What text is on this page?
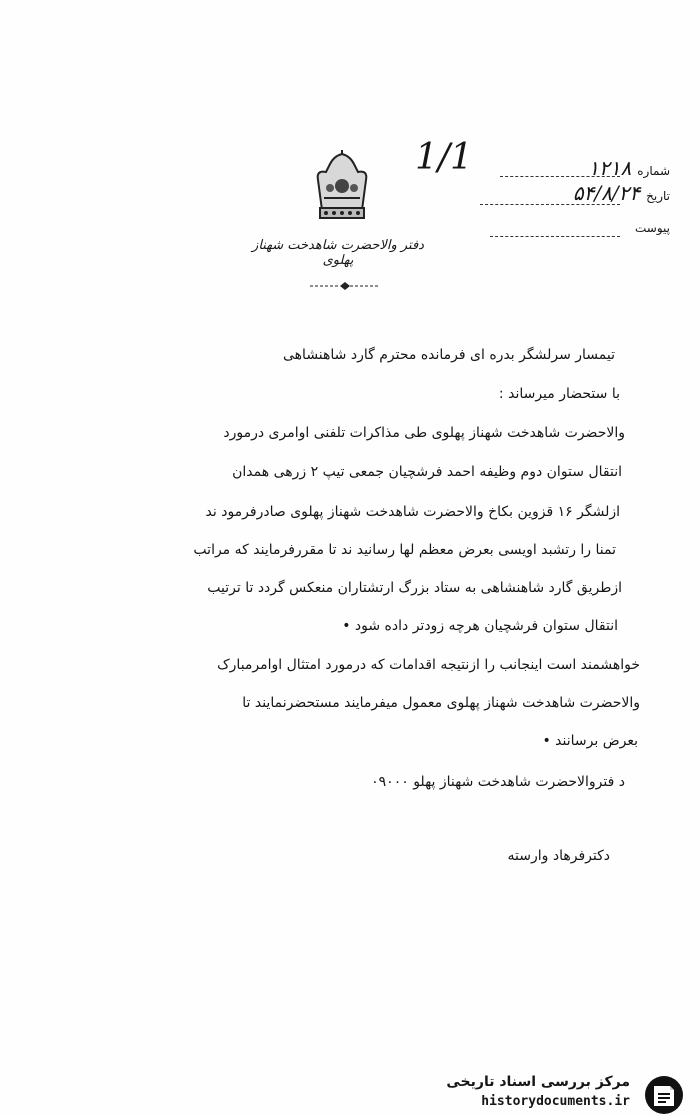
دفتر والاحضرت شاهدخت شهناز پهلوی
1/1	شماره
۱۲۱۸
تاریخ
۵۴/۸/۲۴
پیوست
تیمسار سرلشگر بدره ای فرمانده محترم گارد شاهنشاهی
با ستحضار میرساند :
والاحضرت شاهدخت شهناز پهلوی طی مذاکرات تلفنی اوامری درمورد
انتقال ستوان دوم وظیفه احمد فرشچیان جمعی تیپ ۲ زرهی همدان
ازلشگر ۱۶ قزوین بکاخ والاحضرت شاهدخت شهناز پهلوی صادرفرمود ند
تمنا را رتشبد اویسی بعرض معظم لها رسانید ند تا مقررفرمایند که مراتب
ازطریق گارد شاهنشاهی به ستاد بزرگ ارتشتاران منعکس گردد تا ترتیب
انتقال ستوان فرشچیان هرچه زودتر داده شود •
خواهشمند است اینجانب را ازنتیجه اقدامات که درمورد امتثال اوامرمبارک
والاحضرت شاهدخت شهناز پهلوی معمول میفرمایند مستحضرنمایند تا
بعرض برسانند •
د فتروالاحضرت شاهدخت شهناز پهلو ۰۹۰۰۰
دکترفرهاد وارسته
مرکز بررسی اسناد تاریخی
historydocuments.ir
